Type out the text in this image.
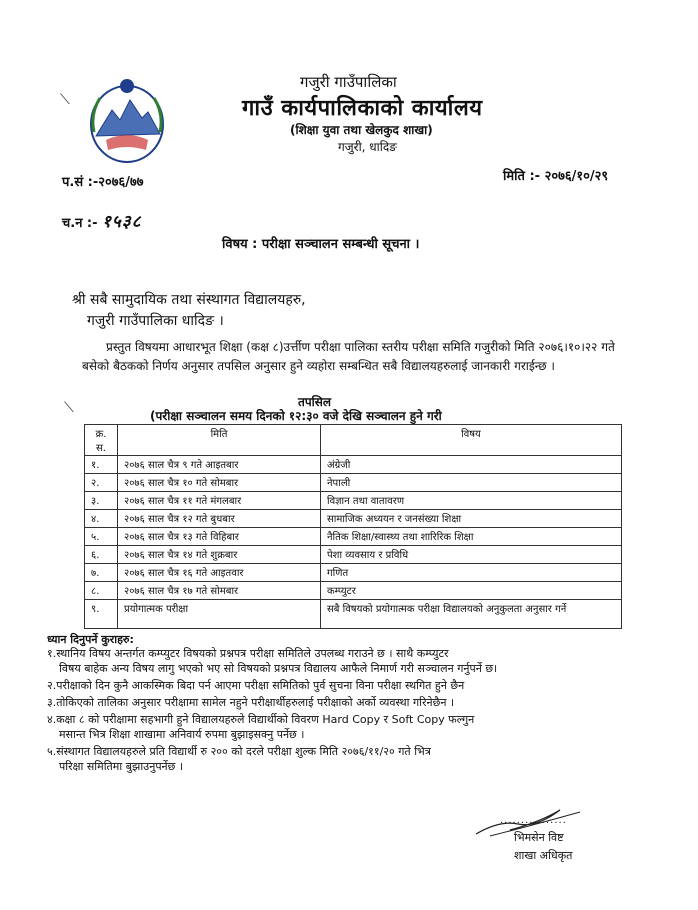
⟍
गजुरी गाउँपालिका
गाउँ कार्यपालिकाको कार्यालय
(शिक्षा युवा तथा खेलकुद शाखा)
गजुरी, धादिङ
प.सं :-२०७६/७७	मिति :- २०७६/१०/२९
च.न :- १५३८
विषय : परीक्षा सञ्चालन सम्बन्धी सूचना ।
श्री सबै सामुदायिक तथा संस्थागत विद्यालयहरु,
गजुरी गाउँपालिका धादिङ ।
प्रस्तुत विषयमा आधारभूत शिक्षा (कक्ष ८)उर्त्तीण परीक्षा पालिका स्तरीय परीक्षा समिति गजुरीको मिति २०७६।१०।२२ गते बसेको बैठकको निर्णय अनुसार तपसिल अनुसार हुने व्यहोरा सम्बन्धित सबै विद्यालयहरुलाई जानकारी गराईन्छ ।
⟍	तपसिल
(परीक्षा सञ्चालन समय दिनको १२:३० वजे देखि सञ्चालन हुने गरी
क्र. स.	मिति	विषय
१.	२०७६ साल चैत्र ९ गते आइतबार	अंग्रेजी
२.	२०७६ साल चैत्र १० गते सोमबार	नेपाली
३.	२०७६ साल चैत्र ११ गते मंगलबार	विज्ञान तथा वातावरण
४.	२०७६ साल चैत्र १२ गते बुधबार	सामाजिक अध्ययन र जनसंख्या शिक्षा
५.	२०७६ साल चैत्र १३ गते विहिबार	नैतिक शिक्षा/स्वास्थ्य तथा शारिरिक शिक्षा
६.	२०७६ साल चैत्र १४ गते शुक्रबार	पेशा व्यवसाय र प्रविधि
७.	२०७६ साल चैत्र १६ गते आइतवार	गणित
८.	२०७६ साल चैत्र १७ गते सोमबार	कम्प्युटर
९.	प्रयोगात्मक परीक्षा	सबै विषयको प्रयोगात्मक परीक्षा विद्यालयको अनुकुलता अनुसार गर्ने
ध्यान दिनुपर्ने कुराहरु:
१.स्थानिय विषय अन्तर्गत कम्प्युटर विषयको प्रश्नपत्र परीक्षा समितिले उपलब्ध गराउने छ । साथै कम्प्युटर
विषय बाहेक अन्य विषय लागु भएको भए सो विषयको प्रश्नपत्र विद्यालय आफैले निमार्ण गरी सञ्चालन गर्नुपर्ने छ।
२.परीक्षाको दिन कुनै आकस्मिक बिदा पर्न आएमा परीक्षा समितिको पुर्व सुचना विना परीक्षा स्थगित हुने छैन
३.तोकिएको तालिका अनुसार परीक्षामा सामेल नहुने परीक्षार्थीहरुलाई परीक्षाको अर्को व्यवस्था गरिनेछैन ।
४.कक्षा ८ को परीक्षामा सहभागी हुने विद्यालयहरुले विद्यार्थीको विवरण Hard Copy र Soft Copy फल्गुन
मसान्त भित्र शिक्षा शाखामा अनिवार्य रुपमा बुझाइसक्नु पर्नेछ ।
५.संस्थागत विद्यालयहरुले प्रति विद्यार्थी रु २०० को दरले परीक्षा शुल्क मिति २०७६/११/२० गते भित्र
परिक्षा समितिमा बुझाउनुपर्नेछ ।
................
भिमसेन विष्ट
शाखा अधिकृत
